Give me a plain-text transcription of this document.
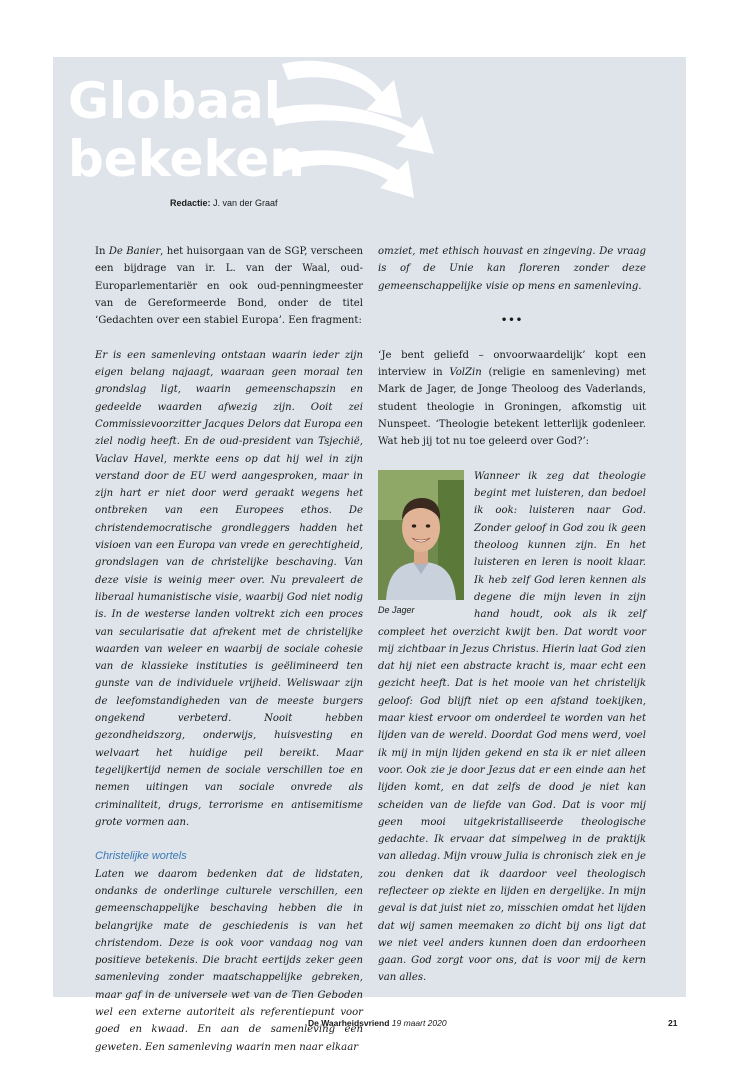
Globaal
bekeken
Redactie: J. van der Graaf

In De Banier, het huisorgaan van de SGP, verscheen een bijdrage van ir. L. van der Waal, oud-Europarlementariër en ook oud-penningmeester van de Gereformeerde Bond, onder de titel ‘Gedachten over een stabiel Europa’. Een fragment:

Er is een samenleving ontstaan waarin ieder zijn eigen belang najaagt, waaraan geen moraal ten grondslag ligt, waarin gemeenschapszin en gedeelde waarden afwezig zijn. Ooit zei Commissievoorzitter Jacques Delors dat Europa een ziel nodig heeft. En de oud-president van Tsjechië, Vaclav Havel, merkte eens op dat hij wel in zijn verstand door de EU werd aangesproken, maar in zijn hart er niet door werd geraakt wegens het ontbreken van een Europees ethos. De christendemocratische grondleggers hadden het visioen van een Europa van vrede en gerechtigheid, grondslagen van de christelijke beschaving. Van deze visie is weinig meer over. Nu prevaleert de liberaal humanistische visie, waarbij God niet nodig is. In de westerse landen voltrekt zich een proces van secularisatie dat afrekent met de christelijke waarden van weleer en waarbij de sociale cohesie van de klassieke instituties is geëlimineerd ten gunste van de individuele vrijheid. Weliswaar zijn de leefomstandigheden van de meeste burgers ongekend verbeterd. Nooit hebben gezondheidszorg, onderwijs, huisvesting en welvaart het huidige peil bereikt. Maar tegelijkertijd nemen de sociale verschillen toe en nemen uitingen van sociale onvrede als criminaliteit, drugs, terrorisme en antisemitisme grote vormen aan.

Christelijke wortels

Laten we daarom bedenken dat de lidstaten, ondanks de onderlinge culturele verschillen, een gemeenschappelijke beschaving hebben die in belangrijke mate de geschiedenis is van het christendom. Deze is ook voor vandaag nog van positieve betekenis. Die bracht eertijds zeker geen samenleving zonder maatschappelijke gebreken, maar gaf in de universele wet van de Tien Geboden wel een externe autoriteit als referentiepunt voor goed en kwaad. En aan de samenleving een geweten. Een samenleving waarin men naar elkaar

omziet, met ethisch houvast en zingeving. De vraag is of de Unie kan floreren zonder deze gemeenschappelijke visie op mens en samenleving.

•••

‘Je bent geliefd – onvoorwaardelijk’ kopt een interview in VolZin (religie en samenleving) met Mark de Jager, de Jonge Theoloog des Vaderlands, student theologie in Groningen, afkomstig uit Nunspeet. ‘Theologie betekent letterlijk godenleer. Wat heb jij tot nu toe geleerd over God?’:

De Jager

Wanneer ik zeg dat theologie begint met luisteren, dan bedoel ik ook: luisteren naar God. Zonder geloof in God zou ik geen theoloog kunnen zijn. En het luisteren en leren is nooit klaar. Ik heb zelf God leren kennen als degene die mijn leven in zijn hand houdt, ook als ik zelf compleet het overzicht kwijt ben. Dat wordt voor mij zichtbaar in Jezus Christus. Hierin laat God zien dat hij niet een abstracte kracht is, maar echt een gezicht heeft. Dat is het mooie van het christelijk geloof: God blijft niet op een afstand toekijken, maar kiest ervoor om onderdeel te worden van het lijden van de wereld. Doordat God mens werd, voel ik mij in mijn lijden gekend en sta ik er niet alleen voor. Ook zie je door Jezus dat er een einde aan het lijden komt, en dat zelfs de dood je niet kan scheiden van de liefde van God. Dat is voor mij geen mooi uitgekristalliseerde theologische gedachte. Ik ervaar dat simpelweg in de praktijk van alledag. Mijn vrouw Julia is chronisch ziek en je zou denken dat ik daardoor veel theologisch reflecteer op ziekte en lijden en dergelijke. In mijn geval is dat juist niet zo, misschien omdat het lijden dat wij samen meemaken zo dicht bij ons ligt dat we niet veel anders kunnen doen dan erdoorheen gaan. God zorgt voor ons, dat is voor mij de kern van alles.

De Waarheidsvriend 19 maart 2020	21
